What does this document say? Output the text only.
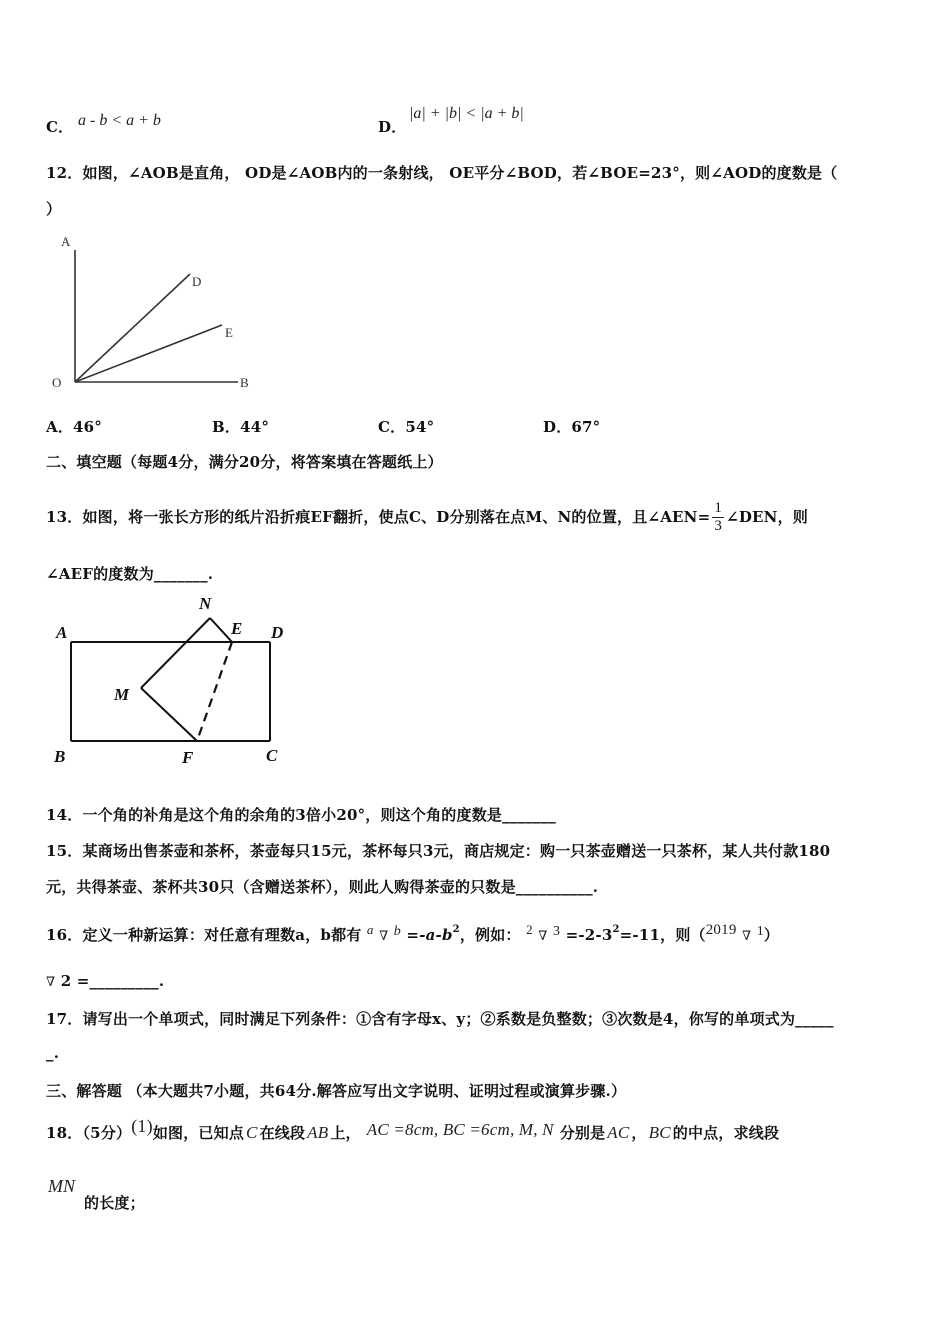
C． a - b < a + b	D．
|a| + |b| < |a + b|
12．如图，∠AOB是直角， OD是∠AOB内的一条射线， OE平分∠BOD，若∠BOE=23°，则∠AOD的度数是（
）
A
D
E
O	B
A．46°	B．44°	C．54°	D．67°
二、填空题（每题4分，满分20分，将答案填在答题纸上）
13．如图，将一张长方形的纸片沿折痕EF翻折，使点C、D分别落在点M、N的位置，且∠AEN= $\frac{1}{3}$ ∠DEN，则
∠AEF的度数为_______.
A
N
E D
M
B	F	C
14．一个角的补角是这个角的余角的3倍小20°，则这个角的度数是_______
15．某商场出售茶壶和茶杯，茶壶每只15元，茶杯每只3元，商店规定：购一只茶壶赠送一只茶杯，某人共付款180
元，共得茶壶、茶杯共30只（含赠送茶杯），则此人购得茶壶的只数是__________.
16．定义一种新运算：对任意有理数a，b都有 a ∇ $b =-a-b^2$，例如： 2 ∇ $3 =-2-3^2=-11$，则（2019 ∇ 1）
∇ 2 =_________.
17．请写出一个单项式，同时满足下列条件：①含有字母x、y；②系数是负整数；③次数是4，你写的单项式为_____
_.
三、解答题 （本大题共7小题，共64分.解答应写出文字说明、证明过程或演算步骤.）
18．（5分）(1)如图，已知点 C 在线段 AB 上， AC =8cm, BC =6cm, M, N 分别是 AC ， BC 的中点，求线段
MN
的长度；
